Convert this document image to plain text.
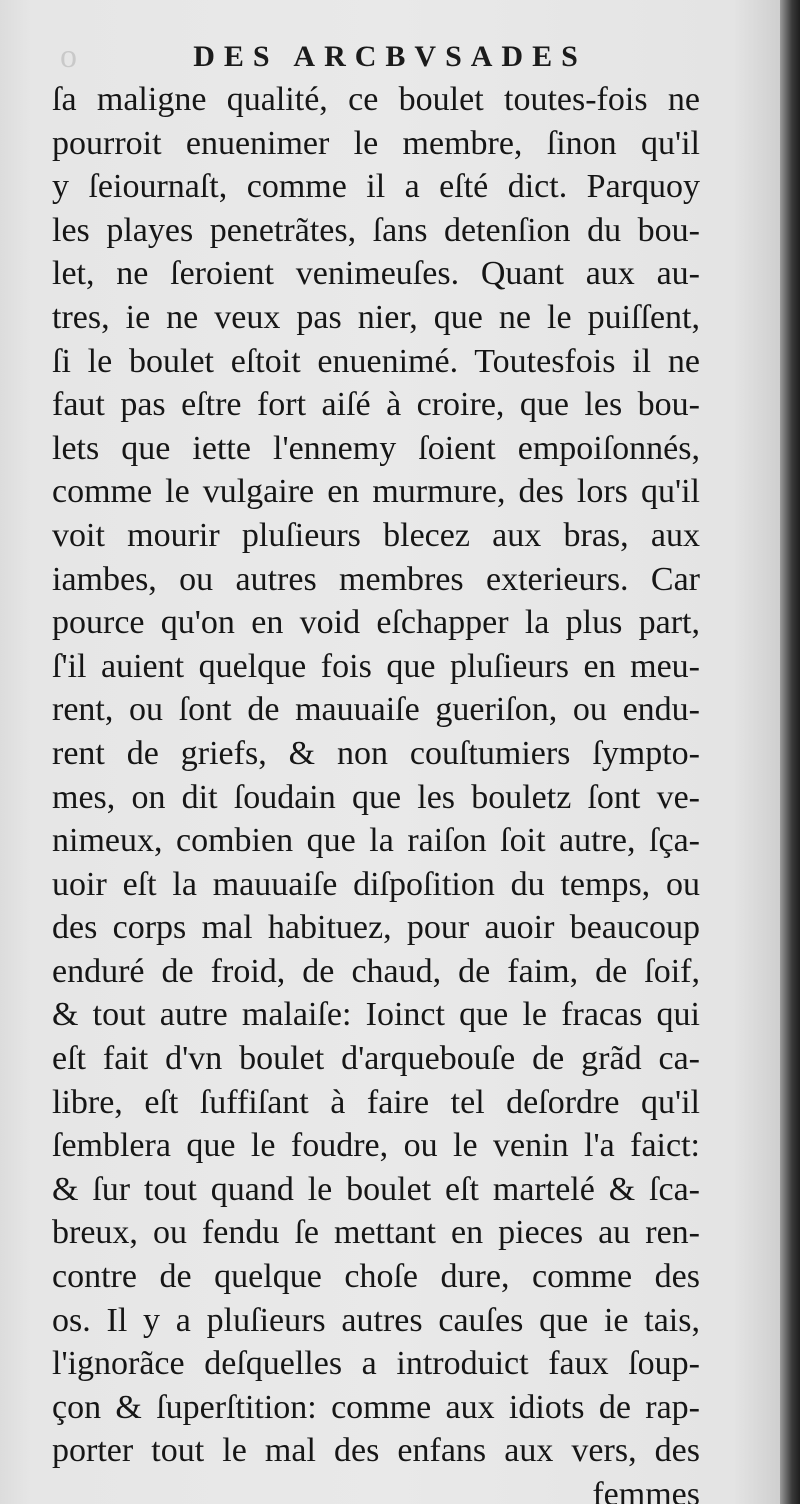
o	DES ARCBVSADES
ſa maligne qualité, ce boulet toutes-fois ne
pourroit enuenimer le membre, ſinon qu'il
y ſeiournaſt, comme il a eſté dict. Parquoy
les playes penetrãtes, ſans detenſion du bou-
let, ne ſeroient venimeuſes. Quant aux au-
tres, ie ne veux pas nier, que ne le puiſſent,
ſi le boulet eſtoit enuenimé. Toutesfois il ne
faut pas eſtre fort aiſé à croire, que les bou-
lets que iette l'ennemy ſoient empoiſonnés,
comme le vulgaire en murmure, des lors qu'il
voit mourir pluſieurs blecez aux bras, aux
iambes, ou autres membres exterieurs. Car
pource qu'on en void eſchapper la plus part,
ſ'il auient quelque fois que pluſieurs en meu-
rent, ou ſont de mauuaiſe gueriſon, ou endu-
rent de griefs, & non couſtumiers ſympto-
mes, on dit ſoudain que les bouletz ſont ve-
nimeux, combien que la raiſon ſoit autre, ſça-
uoir eſt la mauuaiſe diſpoſition du temps, ou
des corps mal habituez, pour auoir beaucoup
enduré de froid, de chaud, de faim, de ſoif,
& tout autre malaiſe: Ioinct que le fracas qui
eſt fait d'vn boulet d'arquebouſe de grãd ca-
libre, eſt ſuffiſant à faire tel deſordre qu'il
ſemblera que le foudre, ou le venin l'a faict:
& ſur tout quand le boulet eſt martelé & ſca-
breux, ou fendu ſe mettant en pieces au ren-
contre de quelque choſe dure, comme des
os. Il y a pluſieurs autres cauſes que ie tais,
l'ignorãce deſquelles a introduict faux ſoup-
çon & ſuperſtition: comme aux idiots de rap-
porter tout le mal des enfans aux vers, des
femmes
